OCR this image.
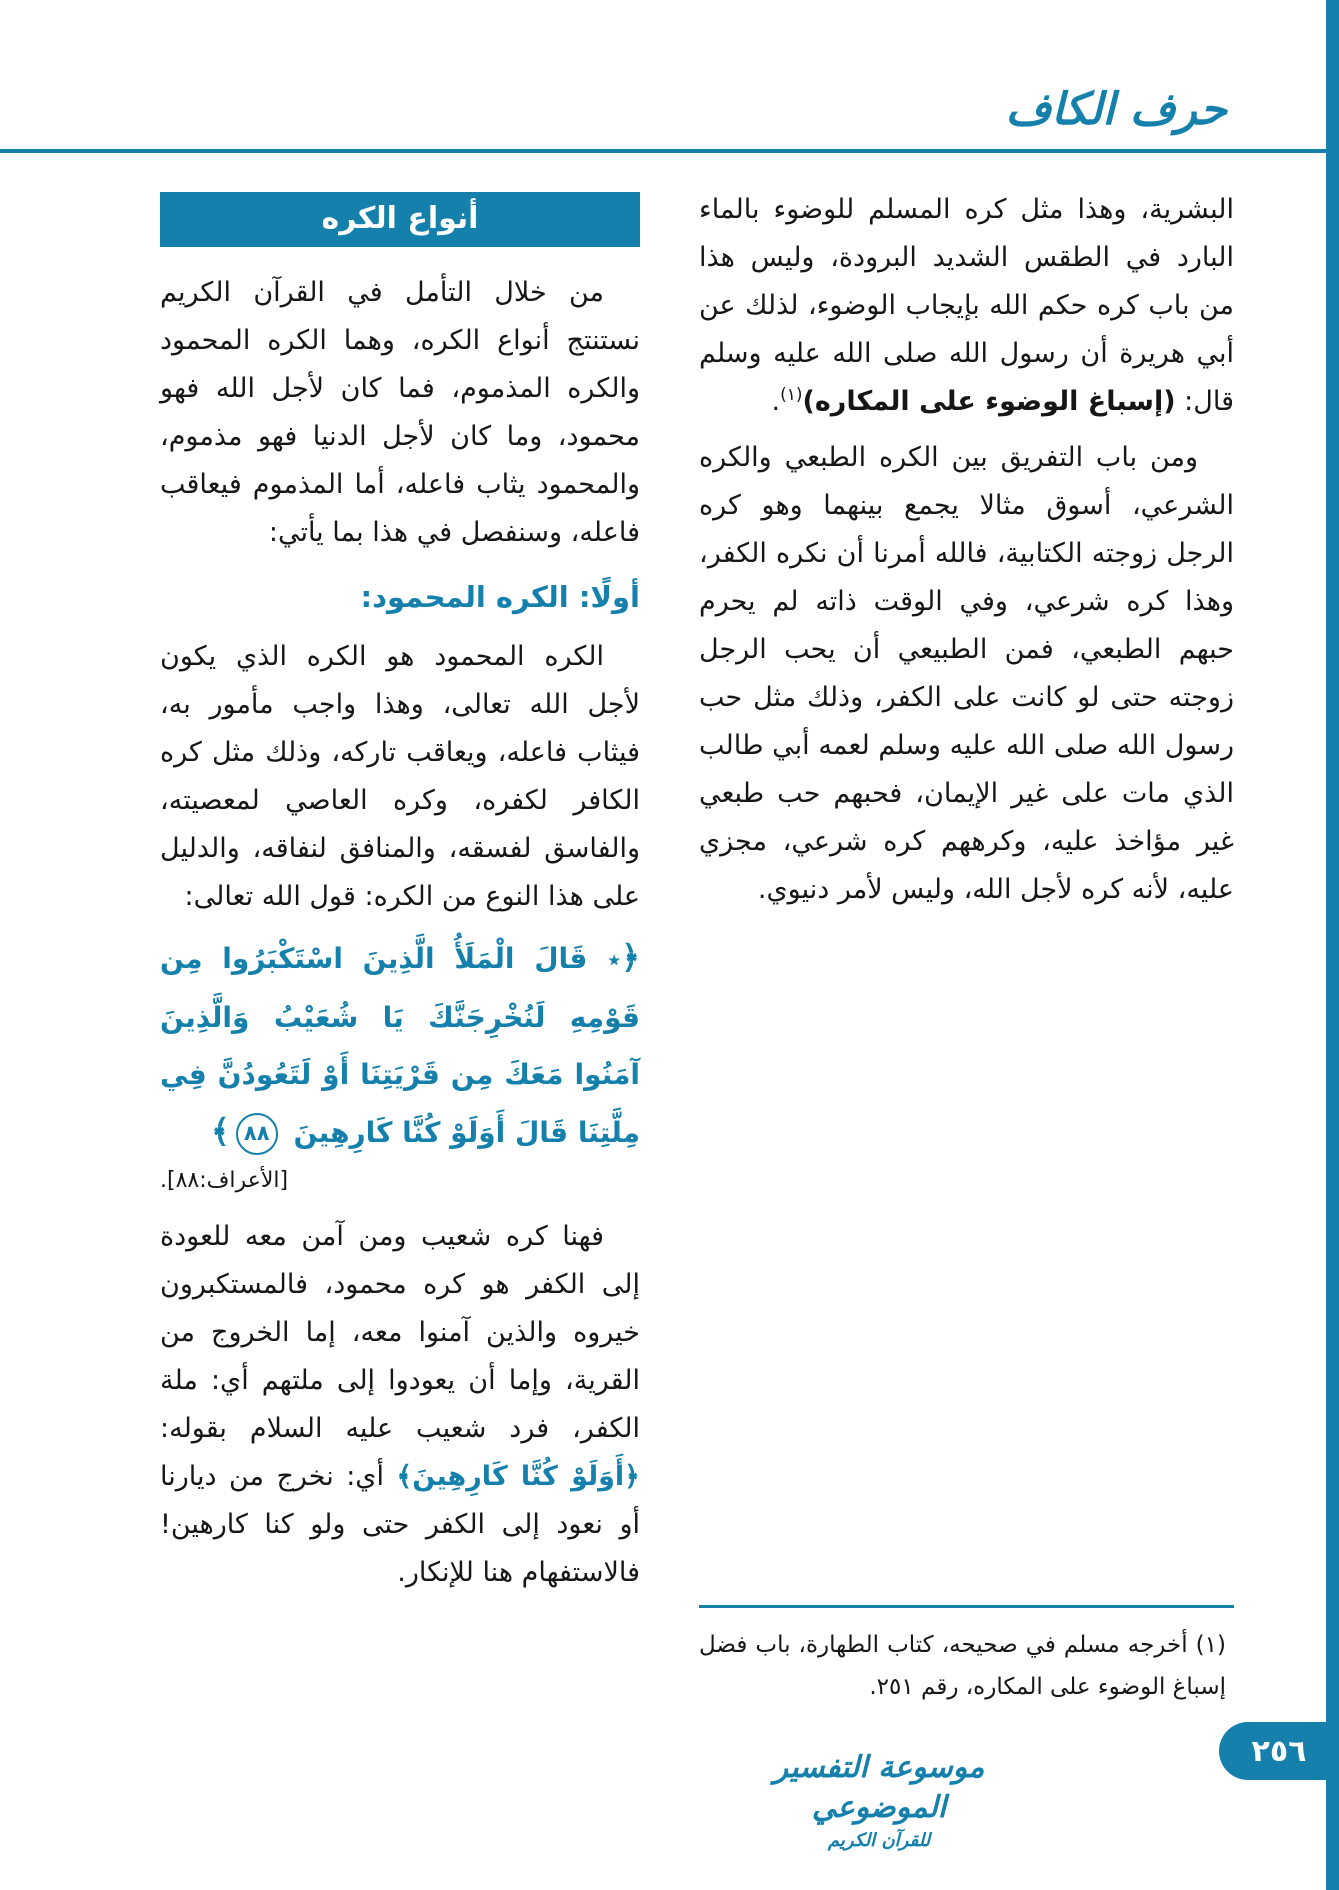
حرف الكاف

البشرية، وهذا مثل كره المسلم للوضوء بالماء البارد في الطقس الشديد البرودة، وليس هذا من باب كره حكم الله بإيجاب الوضوء، لذلك عن أبي هريرة أن رسول الله صلى الله عليه وسلم قال: (إسباغ الوضوء على المكاره)$^{(١)}$.

ومن باب التفريق بين الكره الطبعي والكره الشرعي، أسوق مثالا يجمع بينهما وهو كره الرجل زوجته الكتابية، فالله أمرنا أن نكره الكفر، وهذا كره شرعي، وفي الوقت ذاته لم يحرم حبهم الطبعي، فمن الطبيعي أن يحب الرجل زوجته حتى لو كانت على الكفر، وذلك مثل حب رسول الله صلى الله عليه وسلم لعمه أبي طالب الذي مات على غير الإيمان، فحبهم حب طبعي غير مؤاخذ عليه، وكرههم كره شرعي، مجزي عليه، لأنه كره لأجل الله، وليس لأمر دنيوي.

(١) أخرجه مسلم في صحيحه، كتاب الطهارة، باب فضل إسباغ الوضوء على المكاره، رقم ٢٥١.

أنواع الكره

من خلال التأمل في القرآن الكريم نستنتج أنواع الكره، وهما الكره المحمود والكره المذموم، فما كان لأجل الله فهو محمود، وما كان لأجل الدنيا فهو مذموم، والمحمود يثاب فاعله، أما المذموم فيعاقب فاعله، وسنفصل في هذا بما يأتي:

أولًا: الكره المحمود:

الكره المحمود هو الكره الذي يكون لأجل الله تعالى، وهذا واجب مأمور به، فيثاب فاعله، ويعاقب تاركه، وذلك مثل كره الكافر لكفره، وكره العاصي لمعصيته، والفاسق لفسقه، والمنافق لنفاقه، والدليل على هذا النوع من الكره: قول الله تعالى:

﴿٭ قَالَ الْمَلَأُ الَّذِينَ اسْتَكْبَرُوا مِن قَوْمِهِ لَنُخْرِجَنَّكَ يَا شُعَيْبُ وَالَّذِينَ آمَنُوا مَعَكَ مِن قَرْيَتِنَا أَوْ لَتَعُودُنَّ فِي مِلَّتِنَا قَالَ أَوَلَوْ كُنَّا كَارِهِينَ ٨٨﴾

[الأعراف:٨٨].

فهنا كره شعيب ومن آمن معه للعودة إلى الكفر هو كره محمود، فالمستكبرون خيروه والذين آمنوا معه، إما الخروج من القرية، وإما أن يعودوا إلى ملتهم أي: ملة الكفر، فرد شعيب عليه السلام بقوله: ﴿أَوَلَوْ كُنَّا كَارِهِينَ﴾ أي: نخرج من ديارنا أو نعود إلى الكفر حتى ولو كنا كارهين! فالاستفهام هنا للإنكار.

موسوعة التفسير الموضوعي
للقرآن الكريم
٢٥٦
